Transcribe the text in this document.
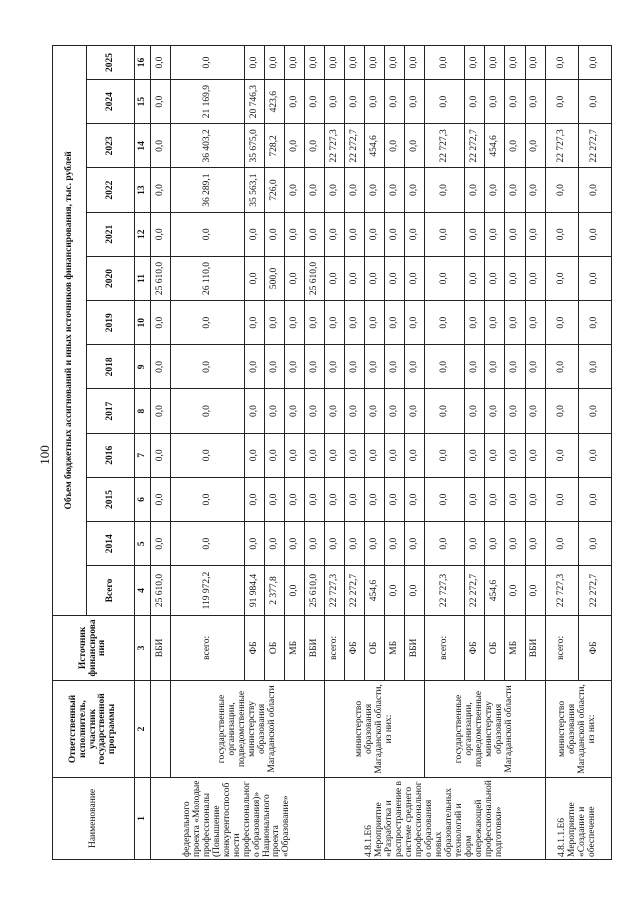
100
Наименование	Ответственный исполнитель, участник государственной программы	Источник финансирования	Объем бюджетных ассигнований и иных источников финансирования, тыс. рублей												
			Всего	2014	2015	2016	2017	2018	2019	2020	2021	2022	2023	2024	2025
1	2	3	4	5	6	7	8	9	10	11	12	13	14	15	16
федерального проекта «Молодые профессионалы (Повышение конкурентоспособности профессионального образования)» Национального проекта «Образование»		ВБИ	25 610,0	0,0	0,0	0,0	0,0	0,0	0,0	25 610,0	0,0	0,0	0,0	0,0	0,0
	государственные организации, подведомственные министерству образования Магаданской области	всего:	119 972,2	0,0	0,0	0,0	0,0	0,0	0,0	26 110,0	0,0	36 289,1	36 403,2	21 169,9	0,0
		ФБ	91 984,4	0,0	0,0	0,0	0,0	0,0	0,0	0,0	0,0	35 563,1	35 675,0	20 746,3	0,0
		ОБ	2 377,8	0,0	0,0	0,0	0,0	0,0	0,0	500,0	0,0	726,0	728,2	423,6	0,0
		МБ	0,0	0,0	0,0	0,0	0,0	0,0	0,0	0,0	0,0	0,0	0,0	0,0	0,0
		ВБИ	25 610,0	0,0	0,0	0,0	0,0	0,0	0,0	25 610,0	0,0	0,0	0,0	0,0	0,0
4.8.1.Е6 Мероприятие «Разработка и распространение в системе среднего профессионального образования новых образовательных технологий и форм опережающей профессиональной подготовки»	министерство образования Магаданской области, из них:	всего:	22 727,3	0,0	0,0	0,0	0,0	0,0	0,0	0,0	0,0	0,0	22 727,3	0,0	0,0
		ФБ	22 272,7	0,0	0,0	0,0	0,0	0,0	0,0	0,0	0,0	0,0	22 272,7	0,0	0,0
		ОБ	454,6	0,0	0,0	0,0	0,0	0,0	0,0	0,0	0,0	0,0	454,6	0,0	0,0
		МБ	0,0	0,0	0,0	0,0	0,0	0,0	0,0	0,0	0,0	0,0	0,0	0,0	0,0
		ВБИ	0,0	0,0	0,0	0,0	0,0	0,0	0,0	0,0	0,0	0,0	0,0	0,0	0,0
	государственные организации, подведомственные министерству образования Магаданской области	всего:	22 727,3	0,0	0,0	0,0	0,0	0,0	0,0	0,0	0,0	0,0	22 727,3	0,0	0,0
		ФБ	22 272,7	0,0	0,0	0,0	0,0	0,0	0,0	0,0	0,0	0,0	22 272,7	0,0	0,0
		ОБ	454,6	0,0	0,0	0,0	0,0	0,0	0,0	0,0	0,0	0,0	454,6	0,0	0,0
		МБ	0,0	0,0	0,0	0,0	0,0	0,0	0,0	0,0	0,0	0,0	0,0	0,0	0,0
		ВБИ	0,0	0,0	0,0	0,0	0,0	0,0	0,0	0,0	0,0	0,0	0,0	0,0	0,0
4.8.1.1.Е6 Мероприятие «Создание и обеспечение	министерство образования Магаданской области, из них:	всего:	22 727,3	0,0	0,0	0,0	0,0	0,0	0,0	0,0	0,0	0,0	22 727,3	0,0	0,0
		ФБ	22 272,7	0,0	0,0	0,0	0,0	0,0	0,0	0,0	0,0	0,0	22 272,7	0,0	0,0
